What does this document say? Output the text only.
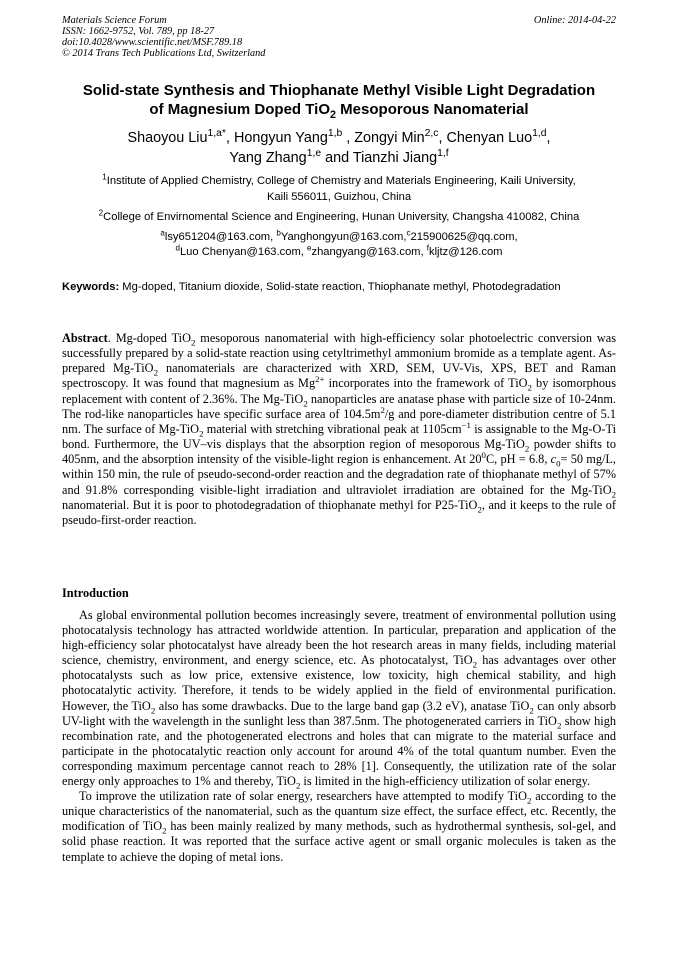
Materials Science Forum
ISSN: 1662-9752, Vol. 789, pp 18-27
doi:10.4028/www.scientific.net/MSF.789.18
© 2014 Trans Tech Publications Ltd, Switzerland
Online: 2014-04-22
Solid-state Synthesis and Thiophanate Methyl Visible Light Degradation
of Magnesium Doped TiO$_2$ Mesoporous Nanomaterial
Shaoyou Liu$^{1,a*}$, Hongyun Yang$^{1,b}$ , Zongyi Min$^{2,c}$, Chenyan Luo$^{1,d}$,
Yang Zhang$^{1,e}$ and Tianzhi Jiang$^{1,f}$
$^1$Institute of Applied Chemistry, College of Chemistry and Materials Engineering, Kaili University,
Kaili 556011, Guizhou, China
$^2$College of Envirnomental Science and Engineering, Hunan University, Changsha 410082, China
$^a$lsy651204@163.com, $^b$Yanghongyun@163.com,$^c$215900625@qq.com,
$^d$Luo Chenyan@163.com, $^e$zhangyang@163.com, $^f$kljtz@126.com
Keywords: Mg-doped, Titanium dioxide, Solid-state reaction, Thiophanate methyl, Photodegradation
Abstract. Mg-doped TiO$_2$ mesoporous nanomaterial with high-efficiency solar photoelectric conversion was successfully prepared by a solid-state reaction using cetyltrimethyl ammonium bromide as a template agent. As-prepared Mg-TiO$_2$ nanomaterials are characterized with XRD, SEM, UV-Vis, XPS, BET and Raman spectroscopy. It was found that magnesium as $Mg^{2+}$ incorporates into the framework of TiO$_2$ by isomorphous replacement with content of 2.36%. The Mg-TiO$_2$ nanoparticles are anatase phase with particle size of 10-24nm. The rod-like nanoparticles have specific surface area of $104.5m^2/g$ and pore-diameter distribution centre of 5.1 nm. The surface of Mg-TiO$_2$ material with stretching vibrational peak at $1105cm^{-1}$ is assignable to the Mg-O-Ti bond. Furthermore, the UV–vis displays that the absorption region of mesoporous Mg-TiO$_2$ powder shifts to 405nm, and the absorption intensity of the visible-light region is enhancement. At $20^0C$, pH = 6.8, $c_0= 50$ mg/L, within 150 min, the rule of pseudo-second-order reaction and the degradation rate of thiophanate methyl of 57% and 91.8% corresponding visible-light irradiation and ultraviolet irradiation are obtained for the Mg-TiO$_2$ nanomaterial. But it is poor to photodegradation of thiophanate methyl for P25-TiO$_2$, and it keeps to the rule of pseudo-first-order reaction.
Introduction

As global environmental pollution becomes increasingly severe, treatment of environmental pollution using photocatalysis technology has attracted worldwide attention. In particular, preparation and application of the high-efficiency solar photocatalyst have already been the hot research areas in many fields, including material science, chemistry, environment, and energy science, etc. As photocatalyst, TiO$_2$ has advantages over other photocatalysts such as low price, extensive existence, low toxicity, high chemical stability, and high photocatalytic activity. Therefore, it tends to be widely applied in the field of environmental purification. However, the TiO$_2$ also has some drawbacks. Due to the large band gap (3.2 eV), anatase TiO$_2$ can only absorb UV-light with the wavelength in the sunlight less than 387.5nm. The photogenerated carriers in TiO$_2$ show high recombination rate, and the photogenerated electrons and holes that can migrate to the material surface and participate in the photocatalytic reaction only account for around 4% of the total quantum number. Even the corresponding maximum percentage cannot reach to 28% [1]. Consequently, the utilization rate of the solar energy only approaches to 1% and thereby, TiO$_2$ is limited in the high-efficiency utilization of solar energy.

To improve the utilization rate of solar energy, researchers have attempted to modify TiO$_2$ according to the unique characteristics of the nanomaterial, such as the quantum size effect, the surface effect, etc. Recently, the modification of TiO$_2$ has been mainly realized by many methods, such as hydrothermal synthesis, sol-gel, and solid phase reaction. It was reported that the surface active agent or small organic molecules is taken as the template to achieve the doping of metal ions.
